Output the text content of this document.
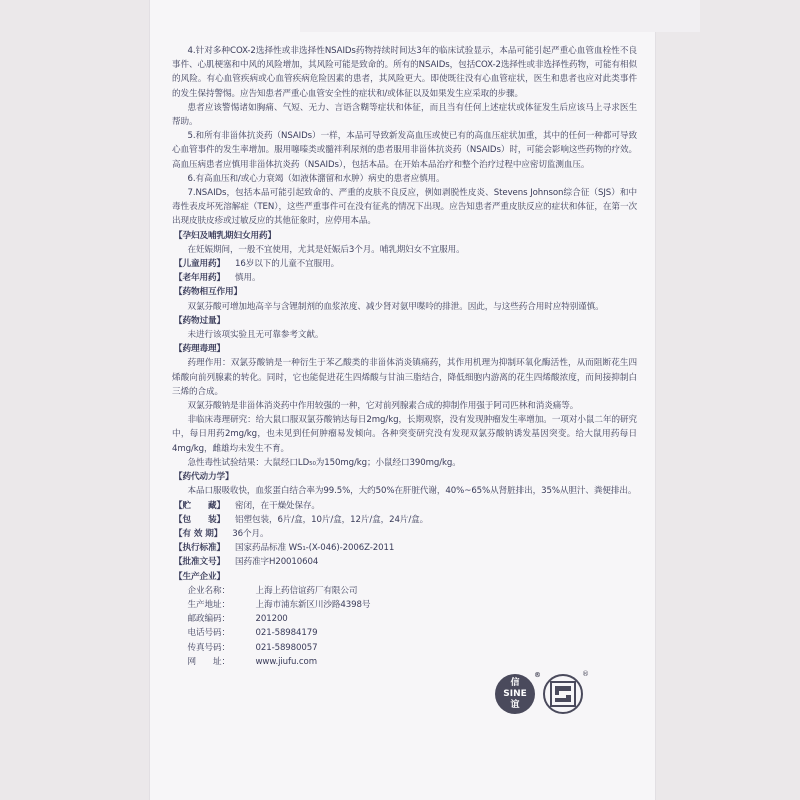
4.针对多种COX-2选择性或非选择性NSAIDs药物持续时间达3年的临床试验显示，本品可能引起严重心血管血栓性不良事件、心肌梗塞和中风的风险增加，其风险可能是致命的。所有的NSAIDs，包括COX-2选择性或非选择性药物，可能有相似的风险。有心血管疾病或心血管疾病危险因素的患者，其风险更大。即使既往没有心血管症状，医生和患者也应对此类事件的发生保持警惕。应告知患者严重心血管安全性的症状和/或体征以及如果发生应采取的步骤。

患者应该警惕诸如胸痛、气短、无力、言语含糊等症状和体征，而且当有任何上述症状或体征发生后应该马上寻求医生帮助。

5.和所有非甾体抗炎药（NSAIDs）一样，本品可导致新发高血压或使已有的高血压症状加重，其中的任何一种都可导致心血管事件的发生率增加。服用噻嗪类或髓袢利尿剂的患者服用非甾体抗炎药（NSAIDs）时，可能会影响这些药物的疗效。高血压病患者应慎用非甾体抗炎药（NSAIDs），包括本品。在开始本品治疗和整个治疗过程中应密切监测血压。

6.有高血压和/或心力衰竭（如液体潴留和水肿）病史的患者应慎用。

7.NSAIDs，包括本品可能引起致命的、严重的皮肤不良反应，例如剥脱性皮炎、Stevens Johnson综合征（SJS）和中毒性表皮坏死溶解症（TEN），这些严重事件可在没有征兆的情况下出现。应告知患者严重皮肤反应的症状和体征，在第一次出现皮肤皮疹或过敏反应的其他征象时，应停用本品。

【 孕妇及哺乳期妇女用药 】

在妊娠期间，一般不宜使用，尤其是妊娠后3个月。哺乳期妇女不宜服用。

【 儿童用药 】	16岁以下的儿童不宜服用。
【 老年用药 】	慎用。
【 药物相互作用 】

双氯芬酸可增加地高辛与含锂制剂的血浆浓度、减少肾对氨甲喋呤的排泄。因此，与这些药合用时应特别谨慎。

【 药物过量 】

未进行该项实验且无可靠参考文献。

【 药理毒理 】

药理作用：双氯芬酸钠是一种衍生于苯乙酸类的非甾体消炎镇痛药，其作用机理为抑制环氧化酶活性，从而阻断花生四烯酸向前列腺素的转化。同时，它也能促进花生四烯酸与甘油三脂结合，降低细胞内游离的花生四烯酸浓度，而间接抑制白三烯的合成。

双氯芬酸钠是非甾体消炎药中作用较强的一种，它对前列腺素合成的抑制作用强于阿司匹林和消炎痛等。

非临床毒理研究：给大鼠口服双氯芬酸钠达每日2mg/kg，长期观察，没有发现肿瘤发生率增加。一项对小鼠二年的研究中，每日用药2mg/kg，也未见到任何肿瘤易发倾向。各种突变研究没有发现双氯芬酸钠诱发基因突变。给大鼠用药每日4mg/kg，雌雄均未发生不育。

急性毒性试验结果：大鼠经口LD₅₀为150mg/kg；小鼠经口390mg/kg。

【 药代动力学 】

本品口服吸收快，血浆蛋白结合率为99.5%，大约50%在肝脏代谢，40%~65%从肾脏排出，35%从胆汁、粪便排出。

【 贮　　藏 】	密闭，在干燥处保存。
【 包　　装 】	铝塑包装，6片/盒，10片/盒，12片/盒，24片/盒。
【 有 效 期 】	36个月。
【 执行标准 】	国家药品标准 WS₁-(X-046)-2006Z-2011
【 批准文号 】	国药准字H20010604
【 生产企业 】
企业名称：	上海上药信谊药厂有限公司
生产地址：	上海市浦东新区川沙路4398号
邮政编码：	201200
电话号码：	021-58984179
传真号码：	021-58980057
网　　址：	www.jiufu.com
信
SINE
谊
®	®
